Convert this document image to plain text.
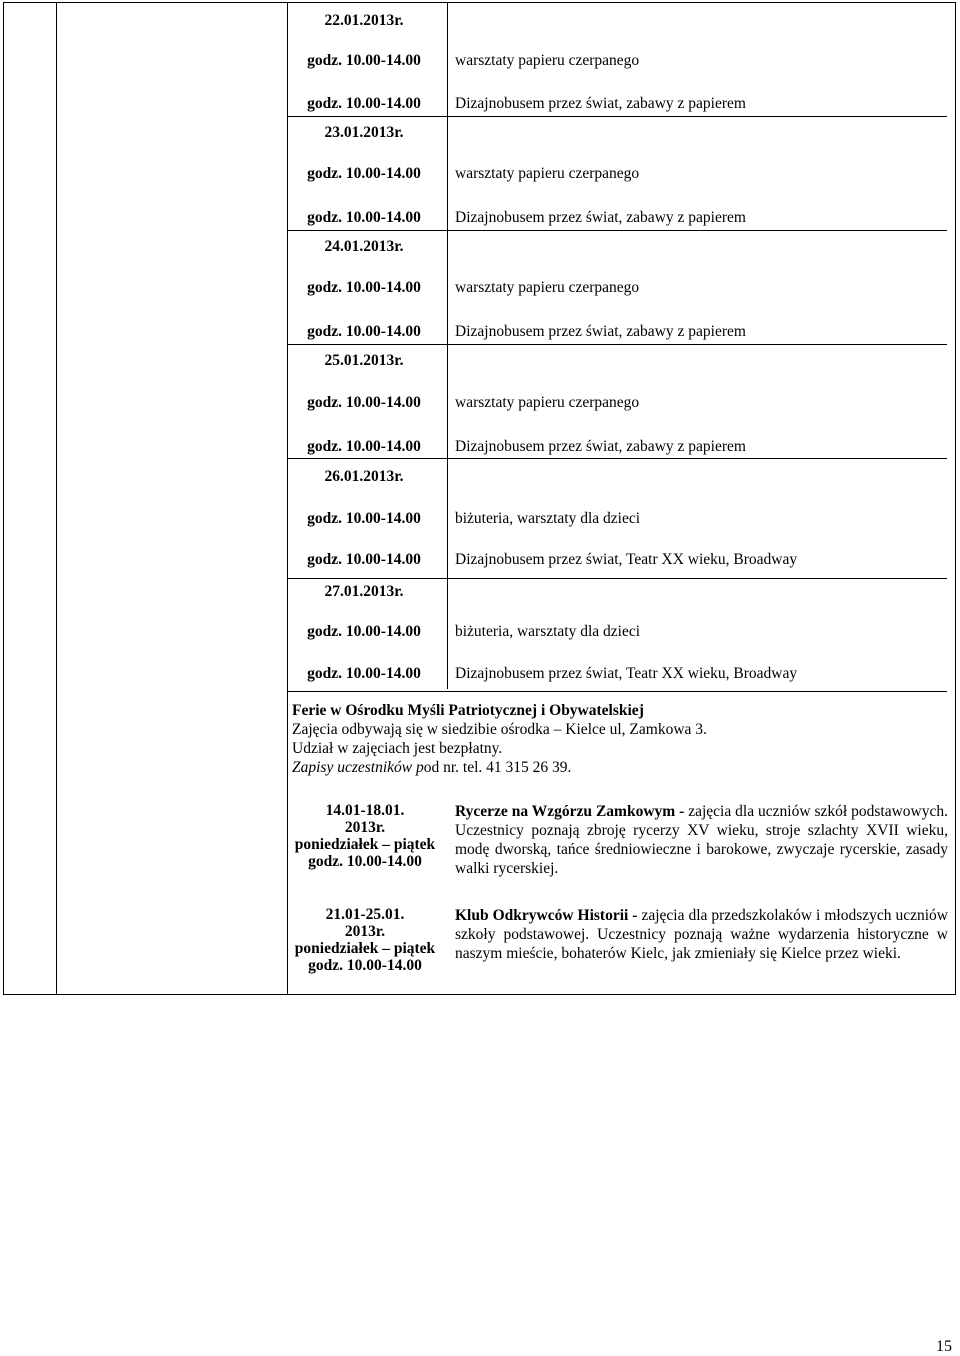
22.01.2013r.
godz. 10.00-14.00	warsztaty papieru czerpanego
godz. 10.00-14.00	Dizajnobusem przez świat, zabawy z papierem
23.01.2013r.
godz. 10.00-14.00	warsztaty papieru czerpanego
godz. 10.00-14.00	Dizajnobusem przez świat, zabawy z papierem
24.01.2013r.
godz. 10.00-14.00	warsztaty papieru czerpanego
godz. 10.00-14.00	Dizajnobusem przez świat, zabawy z papierem
25.01.2013r.
godz. 10.00-14.00	warsztaty papieru czerpanego
godz. 10.00-14.00	Dizajnobusem przez świat, zabawy z papierem
26.01.2013r.
godz. 10.00-14.00	biżuteria, warsztaty dla dzieci
godz. 10.00-14.00	Dizajnobusem przez świat, Teatr XX wieku, Broadway
27.01.2013r.
godz. 10.00-14.00	biżuteria, warsztaty dla dzieci
godz. 10.00-14.00	Dizajnobusem przez świat, Teatr XX wieku, Broadway
Ferie w Ośrodku Myśli Patriotycznej i Obywatelskiej
Zajęcia odbywają się w siedzibie ośrodka – Kielce ul, Zamkowa 3.
Udział w zajęciach jest bezpłatny.
Zapisy uczestników pod nr. tel. 41 315 26 39.
14.01-18.01.
2013r.
poniedziałek – piątek
godz. 10.00-14.00
Rycerze na Wzgórzu Zamkowym - zajęcia dla uczniów szkół podstawowych. Uczestnicy poznają zbroję rycerzy XV wieku, stroje szlachty XVII wieku, modę dworską, tańce średniowieczne i barokowe, zwyczaje rycerskie, zasady walki rycerskiej.
21.01-25.01.
2013r.
poniedziałek – piątek
godz. 10.00-14.00
Klub Odkrywców Historii - zajęcia dla przedszkolaków i młodszych uczniów szkoły podstawowej. Uczestnicy poznają ważne wydarzenia historyczne w naszym mieście, bohaterów Kielc, jak zmieniały się Kielce przez wieki.
15
